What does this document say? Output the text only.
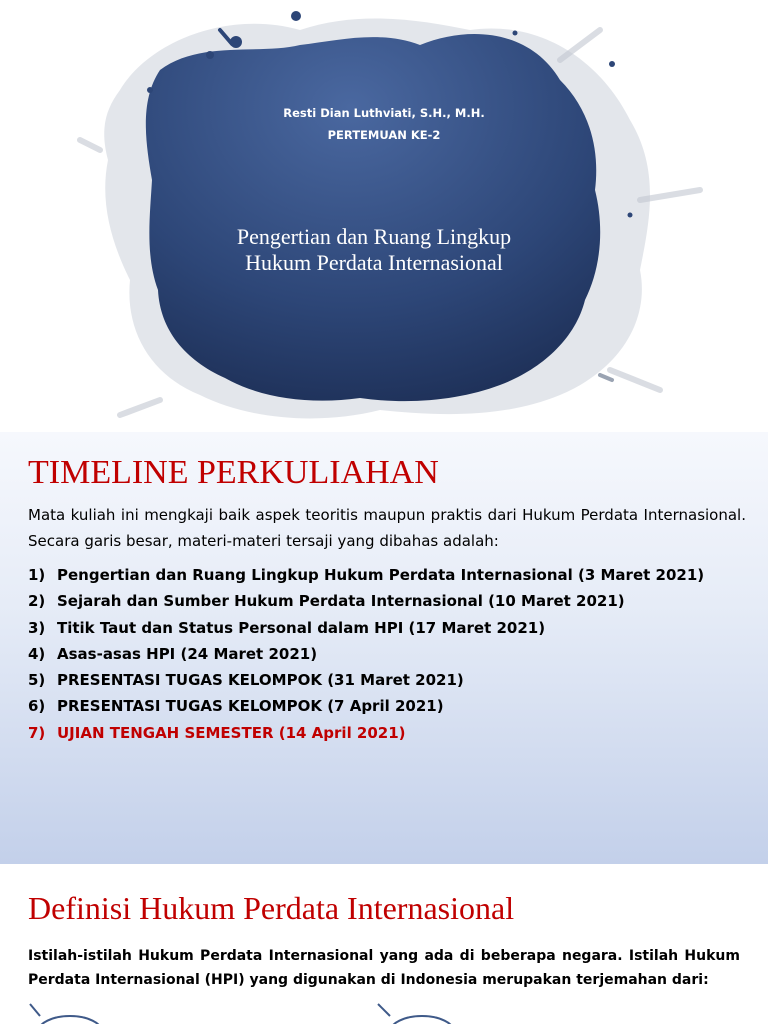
Resti Dian Luthviati, S.H., M.H.
PERTEMUAN KE-2
Pengertian dan Ruang Lingkup
Hukum Perdata Internasional
TIMELINE PERKULIAHAN
Mata kuliah ini mengkaji baik aspek teoritis maupun praktis dari Hukum Perdata Internasional. Secara garis besar, materi-materi tersaji yang dibahas adalah:
1) Pengertian dan Ruang Lingkup Hukum Perdata Internasional (3 Maret 2021)
2) Sejarah dan Sumber Hukum Perdata Internasional (10 Maret 2021)
3) Titik Taut dan Status Personal dalam HPI (17 Maret 2021)
4) Asas-asas HPI (24 Maret 2021)
5) PRESENTASI TUGAS KELOMPOK (31 Maret 2021)
6) PRESENTASI TUGAS KELOMPOK (7 April 2021)
7) UJIAN TENGAH SEMESTER (14 April 2021)
Definisi Hukum Perdata Internasional
Istilah-istilah Hukum Perdata Internasional yang ada di beberapa negara. Istilah Hukum Perdata Internasional (HPI) yang digunakan di Indonesia merupakan terjemahan dari:
